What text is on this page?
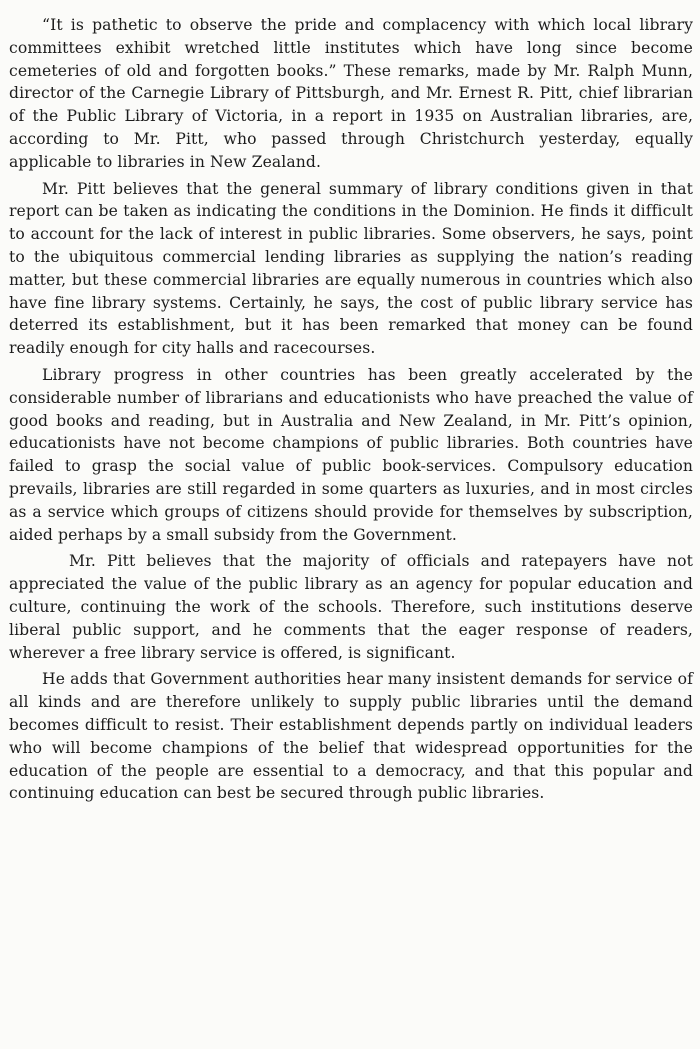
“It is pathetic to observe the pride and complacency with which local library committees exhibit wretched little institutes which have long since become cemeteries of old and forgotten books.” These remarks, made by Mr. Ralph Munn, director of the Carnegie Library of Pittsburgh, and Mr. Ernest R. Pitt, chief librarian of the Public Library of Victoria, in a report in 1935 on Australian libraries, are, according to Mr. Pitt, who passed through Christchurch yesterday, equally applicable to libraries in New Zealand.

Mr. Pitt believes that the general summary of library conditions given in that report can be taken as indicating the conditions in the Dominion. He finds it difficult to account for the lack of interest in public libraries. Some observers, he says, point to the ubiquitous commercial lending libraries as supplying the nation’s reading matter, but these commercial libraries are equally numerous in countries which also have fine library systems. Certainly, he says, the cost of public library service has deterred its establishment, but it has been remarked that money can be found readily enough for city halls and racecourses.

Library progress in other countries has been greatly accelerated by the considerable number of librarians and educationists who have preached the value of good books and reading, but in Australia and New Zealand, in Mr. Pitt’s opinion, educationists have not become champions of public libraries. Both countries have failed to grasp the social value of public book-services. Compulsory education prevails, libraries are still regarded in some quarters as luxuries, and in most circles as a service which groups of citizens should provide for themselves by subscription, aided perhaps by a small subsidy from the Government.

Mr. Pitt believes that the majority of officials and ratepayers have not appreciated the value of the public library as an agency for popular education and culture, continuing the work of the schools. Therefore, such institutions deserve liberal public support, and he comments that the eager response of readers, wherever a free library service is offered, is significant.

He adds that Government authorities hear many insistent demands for service of all kinds and are therefore unlikely to supply public libraries until the demand becomes difficult to resist. Their establishment depends partly on individual leaders who will become champions of the belief that widespread opportunities for the education of the people are essential to a democracy, and that this popular and continuing education can best be secured through public libraries.
